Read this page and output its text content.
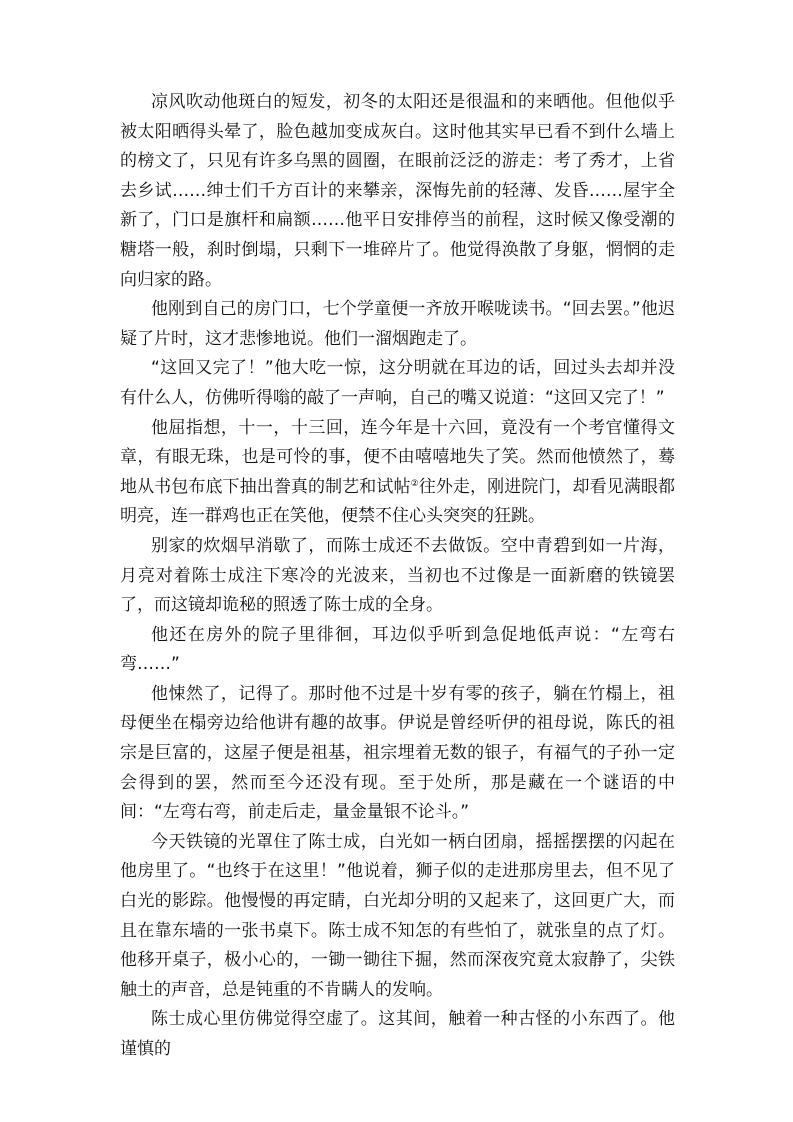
凉风吹动他斑白的短发，初冬的太阳还是很温和的来晒他。但他似乎被太阳晒得头晕了，脸色越加变成灰白。这时他其实早已看不到什么墙上的榜文了，只见有许多乌黑的圆圈，在眼前泛泛的游走：考了秀才，上省去乡试……绅士们千方百计的来攀亲，深悔先前的轻薄、发昏……屋宇全新了，门口是旗杆和扁额……他平日安排停当的前程，这时候又像受潮的糖塔一般，刹时倒塌，只剩下一堆碎片了。他觉得涣散了身躯，惘惘的走向归家的路。

他刚到自己的房门口，七个学童便一齐放开喉咙读书。“回去罢。”他迟疑了片时，这才悲惨地说。他们一溜烟跑走了。

“这回又完了！”他大吃一惊，这分明就在耳边的话，回过头去却并没有什么人，仿佛听得嗡的敲了一声响，自己的嘴又说道：“这回又完了！”

他屈指想，十一，十三回，连今年是十六回，竟没有一个考官懂得文章，有眼无珠，也是可怜的事，便不由嘻嘻地失了笑。然而他愤然了，蓦地从书包布底下抽出誊真的制艺和试帖②往外走，刚进院门，却看见满眼都明亮，连一群鸡也正在笑他，便禁不住心头突突的狂跳。

别家的炊烟早消歇了，而陈士成还不去做饭。空中青碧到如一片海，月亮对着陈士成注下寒冷的光波来，当初也不过像是一面新磨的铁镜罢了，而这镜却诡秘的照透了陈士成的全身。

他还在房外的院子里徘徊，耳边似乎听到急促地低声说：“左弯右弯……”

他悚然了，记得了。那时他不过是十岁有零的孩子，躺在竹榻上，祖母便坐在榻旁边给他讲有趣的故事。伊说是曾经听伊的祖母说，陈氏的祖宗是巨富的，这屋子便是祖基，祖宗埋着无数的银子，有福气的子孙一定会得到的罢，然而至今还没有现。至于处所，那是藏在一个谜语的中间：“左弯右弯，前走后走，量金量银不论斗。”

今天铁镜的光罩住了陈士成，白光如一柄白团扇，摇摇摆摆的闪起在他房里了。“也终于在这里！”他说着，狮子似的走进那房里去，但不见了白光的影踪。他慢慢的再定睛，白光却分明的又起来了，这回更广大，而且在靠东墙的一张书桌下。陈士成不知怎的有些怕了，就张皇的点了灯。他移开桌子，极小心的，一锄一锄往下掘，然而深夜究竟太寂静了，尖铁触土的声音，总是钝重的不肯瞒人的发响。

陈士成心里仿佛觉得空虚了。这其间，触着一种古怪的小东西了。他谨慎的
